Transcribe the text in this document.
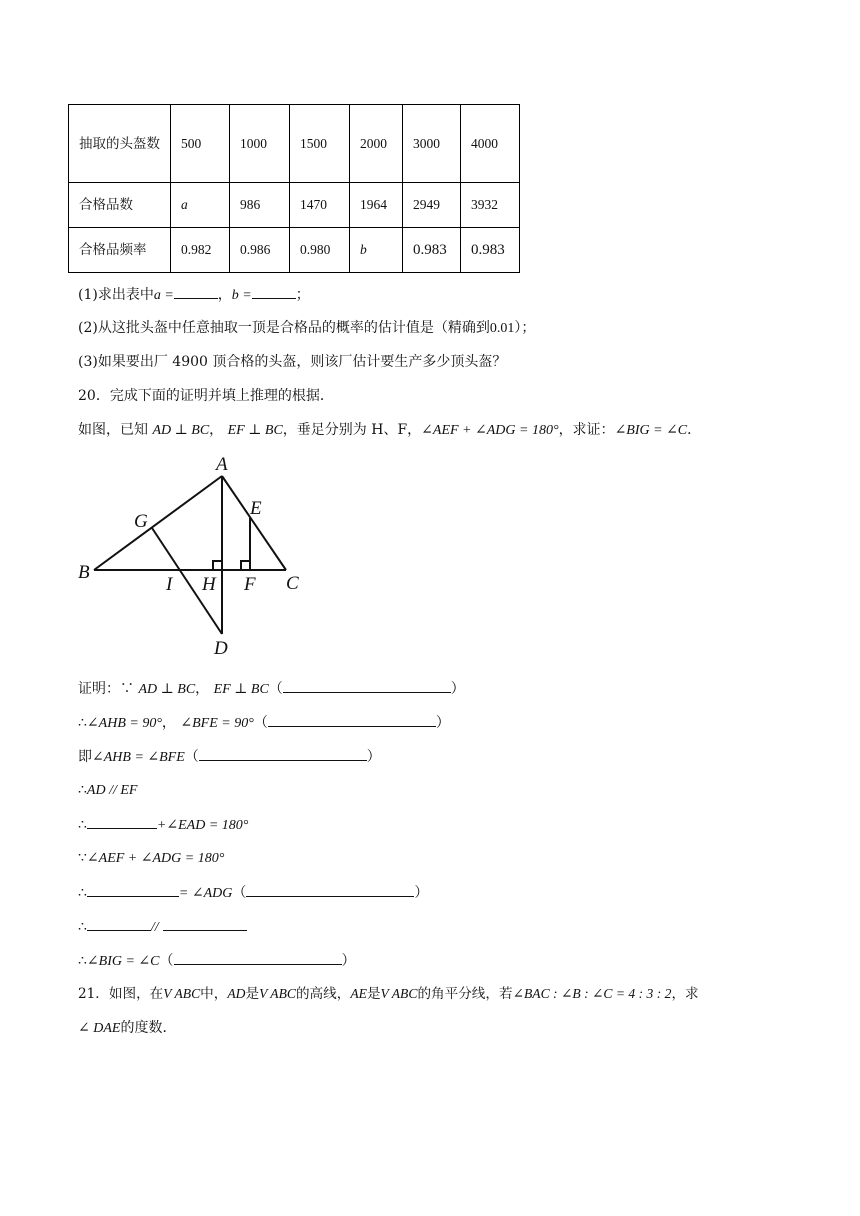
抽取的头盔数	500	1000	1500	2000	3000	4000
合格品数	a	986	1470	1964	2949	3932
合格品频率	0.982	0.986	0.980	b	0.983	0.983
(1)求出表中a =	，b =	；
(2)从这批头盔中任意抽取一顶是合格品的概率的估计值是（精确到0.01）；
(3)如果要出厂 4900 顶合格的头盔，则该厂估计要生产多少顶头盔？
20．完成下面的证明并填上推理的根据．
如图，已知 AD ⊥ BC， EF ⊥ BC，垂足分别为 H、F，∠AEF + ∠ADG = 180°，求证：∠BIG = ∠C．
A
B
C
D
E
F
G
H
I
证明：∵ AD ⊥ BC， EF ⊥ BC（	）
∴∠AHB = 90°， ∠BFE = 90°（	）
即∠AHB = ∠BFE（	）
∴AD // EF
∴	+∠EAD = 180°
∵∠AEF + ∠ADG = 180°
∴	= ∠ADG（	）
∴	//
∴∠BIG = ∠C（	）
21．如图，在V ABC中，AD是V ABC的高线，AE是V ABC的角平分线，若∠BAC : ∠B : ∠C = 4 : 3 : 2，求
∠ DAE的度数．
